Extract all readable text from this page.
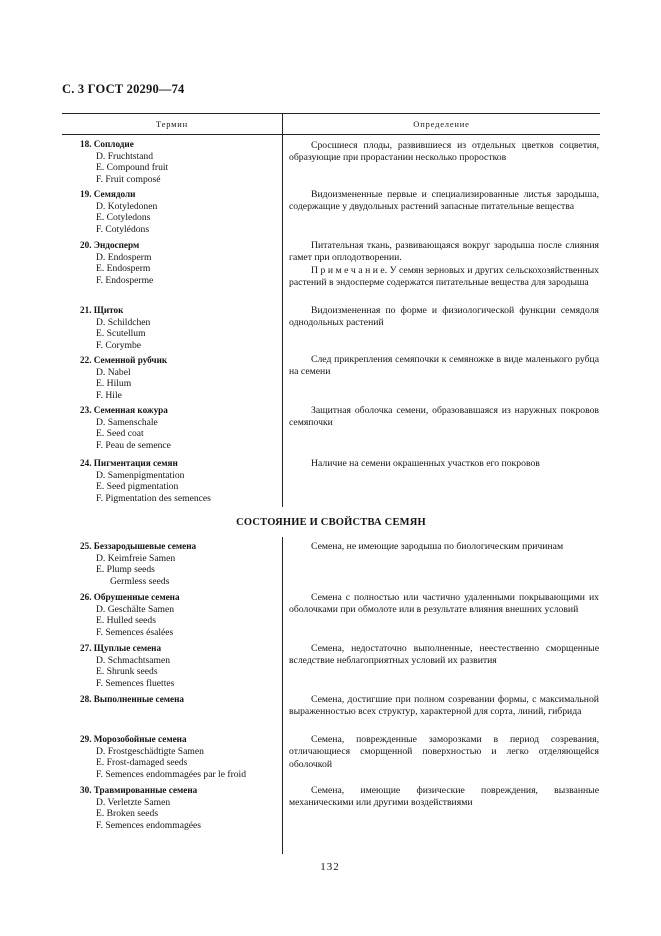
С. 3 ГОСТ 20290—74
Термин	Определение
18. Соплодие
D. Fruchtstand
E. Compound fruit
F. Fruit composé
Сросшиеся плоды, развившиеся из отдельных цветков соцветия, образующие при прорастании несколько проростков
19. Семядоли
D. Kotyledonen
E. Cotyledons
F. Cotylédons
Видоизмененные первые и специализированные листья зародыша, содержащие у двудольных растений запасные питательные вещества
20. Эндосперм
D. Endosperm
E. Endosperm
F. Endosperme
Питательная ткань, развивающаяся вокруг зародыша после слияния гамет при оплодотворении.
П р и м е ч а н и е. У семян зерновых и других сельскохозяйственных растений в эндосперме содержатся питательные вещества для зародыша
21. Щиток
D. Schildchen
E. Scutellum
F. Corymbe
Видоизмененная по форме и физиологической функции семядоля однодольных растений
22. Семенной рубчик
D. Nabel
E. Hilum
F. Hile
След прикрепления семяпочки к семяножке в виде маленького рубца на семени
23. Семенная кожура
D. Samenschale
E. Seed coat
F. Peau de semence
Защитная оболочка семени, образовавшаяся из наружных покровов семяпочки
24. Пигментация семян
D. Samenpigmentation
E. Seed pigmentation
F. Pigmentation des semences
Наличие на семени окрашенных участков его покровов
СОСТОЯНИЕ И СВОЙСТВА СЕМЯН
25. Беззародышевые семена
D. Keimfreie Samen
E. Plump seeds
Germless seeds
Семена, не имеющие зародыша по биологическим причинам
26. Обрушенные семена
D. Geschälte Samen
E. Hulled seeds
F. Semences ésalées
Семена с полностью или частично удаленными покрывающими их оболочками при обмолоте или в результате влияния внешних условий
27. Щуплые семена
D. Schmachtsamen
E. Shrunk seeds
F. Semences fluettes
Семена, недостаточно выполненные, неестественно сморщенные вследствие неблагоприятных условий их развития
28. Выполненные семена	Семена, достигшие при полном созревании формы, с максимальной выраженностью всех структур, характерной для сорта, линий, гибрида
29. Морозобойные семена
D. Frostgeschädtigte Samen
E. Frost-damaged seeds
F. Semences endommagées par le froid
Семена, поврежденные заморозками в период созревания, отличающиеся сморщенной поверхностью и легко отделяющейся оболочкой
30. Травмированные семена
D. Verletzte Samen
E. Broken seeds
F. Semences endommagées
Семена, имеющие физические повреждения, вызванные механическими или другими воздействиями
132
